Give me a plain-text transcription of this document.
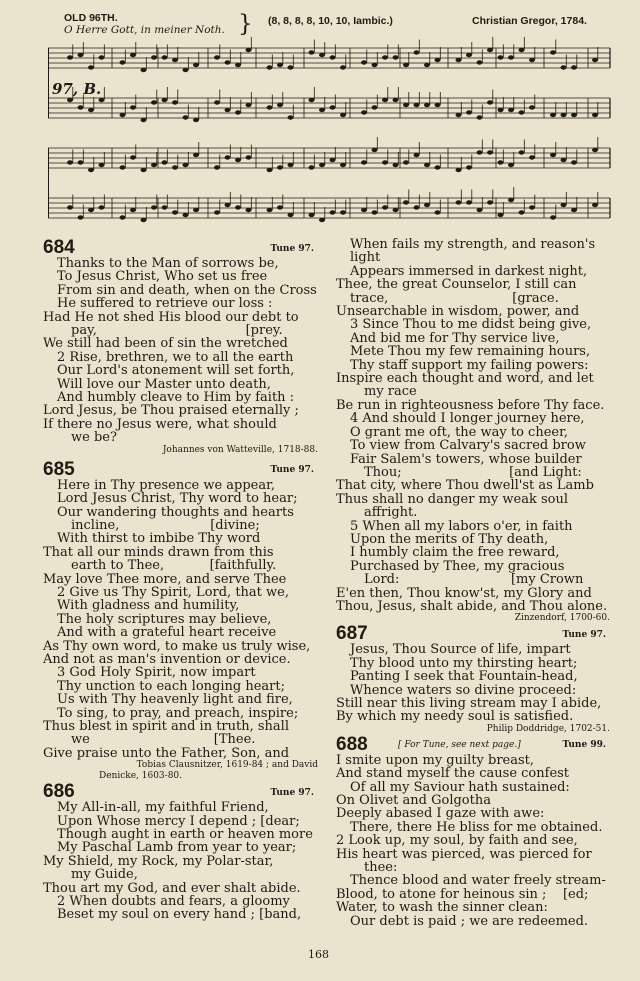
OLD 96TH.
O Herre Gott, in meiner Noth. } (8, 8, 8, 8, 10, 10, Iambic.)	Christian Gregor, 1784.
97, B.
684	Tune 97.
Thanks to the Man of sorrows be,
To Jesus Christ, Who set us free
From sin and death, when on the Cross
He suffered to retrieve our loss :
Had He not shed His blood our debt to
pay,                                    [prey.
We still had been of sin the wretched
2 Rise, brethren, we to all the earth
Our Lord's atonement will set forth,
Will love our Master unto death,
And humbly cleave to Him by faith :
Lord Jesus, be Thou praised eternally ;
If there no Jesus were, what should
we be?
Johannes von Watteville, 1718-88.
685	Tune 97.
Here in Thy presence we appear,
Lord Jesus Christ, Thy word to hear;
Our wandering thoughts and hearts
incline,                      [divine;
With thirst to imbibe Thy word
That all our minds drawn from this
earth to Thee,           [faithfully.
May love Thee more, and serve Thee
2 Give us Thy Spirit, Lord, that we,
With gladness and humility,
The holy scriptures may believe,
And with a grateful heart receive
As Thy own word, to make us truly wise,
And not as man's invention or device.
3 God Holy Spirit, now impart
Thy unction to each longing heart;
Us with Thy heavenly light and fire,
To sing, to pray, and preach, inspire;
Thus blest in spirit and in truth, shall
we                              [Thee.
Give praise unto the Father, Son, and
Tobias Clausnitzer, 1619-84 ; and David
Denicke, 1603-80.
686	Tune 97.
My All-in-all, my faithful Friend,
Upon Whose mercy I depend ; [dear;
Though aught in earth or heaven more
My Paschal Lamb from year to year;
My Shield, my Rock, my Polar-star,
my Guide,
Thou art my God, and ever shalt abide.
2 When doubts and fears, a gloomy
Beset my soul on every hand ; [band,
When fails my strength, and reason's
light
Appears immersed in darkest night,
Thee, the great Counselor, I still can
trace,                              [grace.
Unsearchable in wisdom, power, and
3 Since Thou to me didst being give,
And bid me for Thy service live,
Mete Thou my few remaining hours,
Thy staff support my failing powers:
Inspire each thought and word, and let
my race
Be run in righteousness before Thy face.
4 And should I longer journey here,
O grant me oft, the way to cheer,
To view from Calvary's sacred brow
Fair Salem's towers, whose builder
Thou;                          [and Light:
That city, where Thou dwell'st as Lamb
Thus shall no danger my weak soul
affright.
5 When all my labors o'er, in faith
Upon the merits of Thy death,
I humbly claim the free reward,
Purchased by Thee, my gracious
Lord:                           [my Crown
E'en then, Thou know'st, my Glory and
Thou, Jesus, shalt abide, and Thou alone.
Zinzendorf, 1700-60.
687	Tune 97.
Jesus, Thou Source of life, impart
Thy blood unto my thirsting heart;
Panting I seek that Fountain-head,
Whence waters so divine proceed:
Still near this living stream may I abide,
By which my needy soul is satisfied.
Philip Doddridge, 1702-51.
688	[ For Tune, see next page.]	Tune 99.
I smite upon my guilty breast,
And stand myself the cause confest
Of all my Saviour hath sustained:
On Olivet and Golgotha
Deeply abased I gaze with awe:
There, there He bliss for me obtained.
2 Look up, my soul, by faith and see,
His heart was pierced, was pierced for
thee:
Thence blood and water freely stream-
Blood, to atone for heinous sin ;    [ed;
Water, to wash the sinner clean:
Our debt is paid ; we are redeemed.
168
